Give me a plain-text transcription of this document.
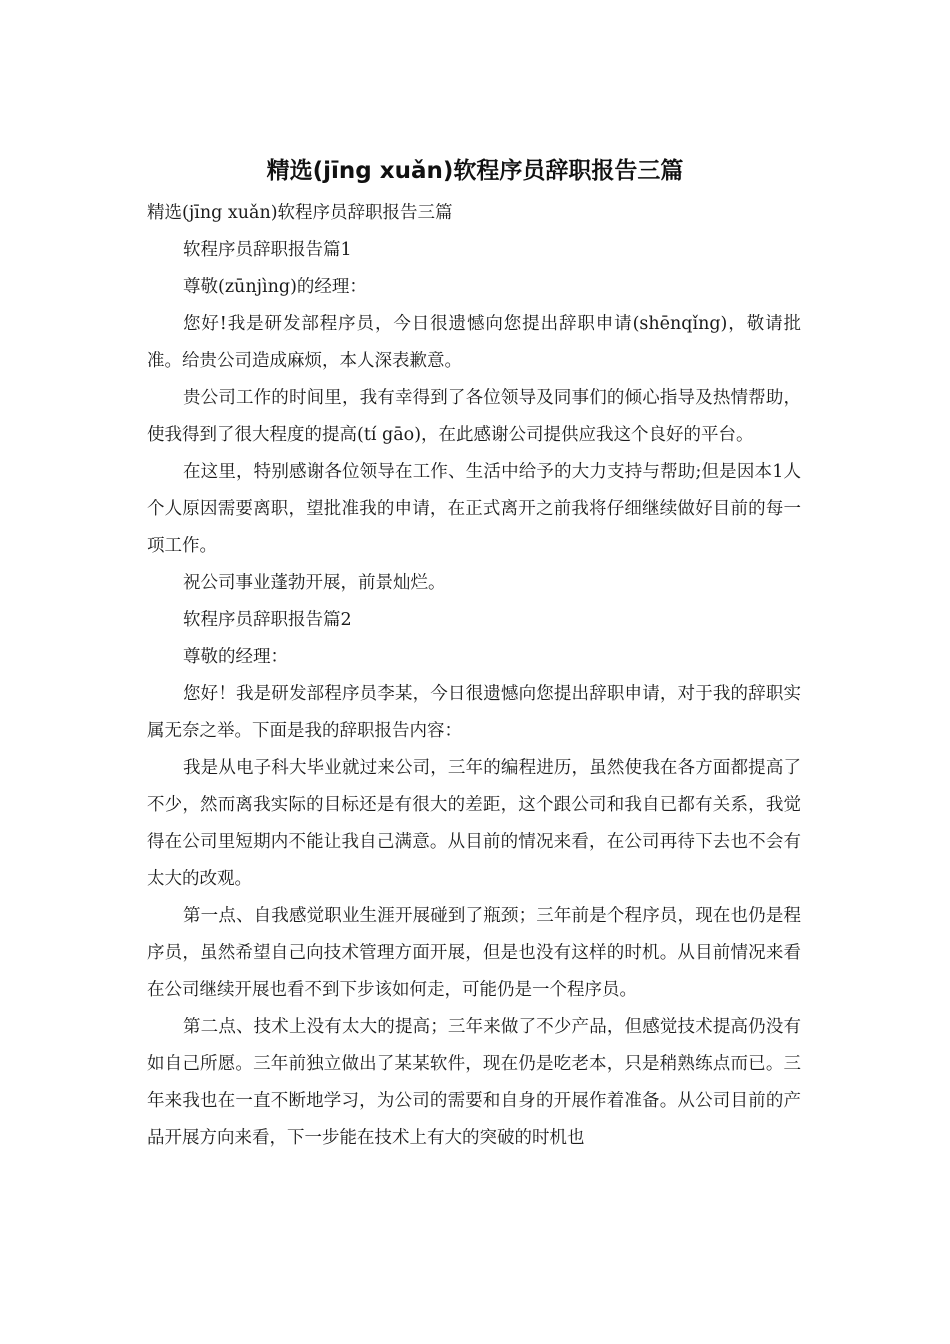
精选(jīng xuǎn)软程序员辞职报告三篇

精选(jīng xuǎn)软程序员辞职报告三篇

软程序员辞职报告篇1

尊敬(zūnjìng)的经理：

您好!我是研发部程序员，今日很遗憾向您提出辞职申请(shēnqǐng)，敬请批准。给贵公司造成麻烦，本人深表歉意。

贵公司工作的时间里，我有幸得到了各位领导及同事们的倾心指导及热情帮助，使我得到了很大程度的提高(tí gāo)，在此感谢公司提供应我这个良好的平台。

在这里，特别感谢各位领导在工作、生活中给予的大力支持与帮助;但是因本1人个人原因需要离职，望批准我的申请，在正式离开之前我将仔细继续做好目前的每一项工作。

祝公司事业蓬勃开展，前景灿烂。

软程序员辞职报告篇2

尊敬的经理：

您好！我是研发部程序员李某，今日很遗憾向您提出辞职申请，对于我的辞职实属无奈之举。下面是我的辞职报告内容：

我是从电子科大毕业就过来公司，三年的编程进历，虽然使我在各方面都提高了不少，然而离我实际的目标还是有很大的差距，这个跟公司和我自已都有关系，我觉得在公司里短期内不能让我自己满意。从目前的情况来看，在公司再待下去也不会有太大的改观。

第一点、自我感觉职业生涯开展碰到了瓶颈；三年前是个程序员，现在也仍是程序员，虽然希望自己向技术管理方面开展，但是也没有这样的时机。从目前情况来看在公司继续开展也看不到下步该如何走，可能仍是一个程序员。

第二点、技术上没有太大的提高；三年来做了不少产品，但感觉技术提高仍没有如自己所愿。三年前独立做出了某某软件，现在仍是吃老本，只是稍熟练点而已。三年来我也在一直不断地学习，为公司的需要和自身的开展作着准备。从公司目前的产品开展方向来看，下一步能在技术上有大的突破的时机也
